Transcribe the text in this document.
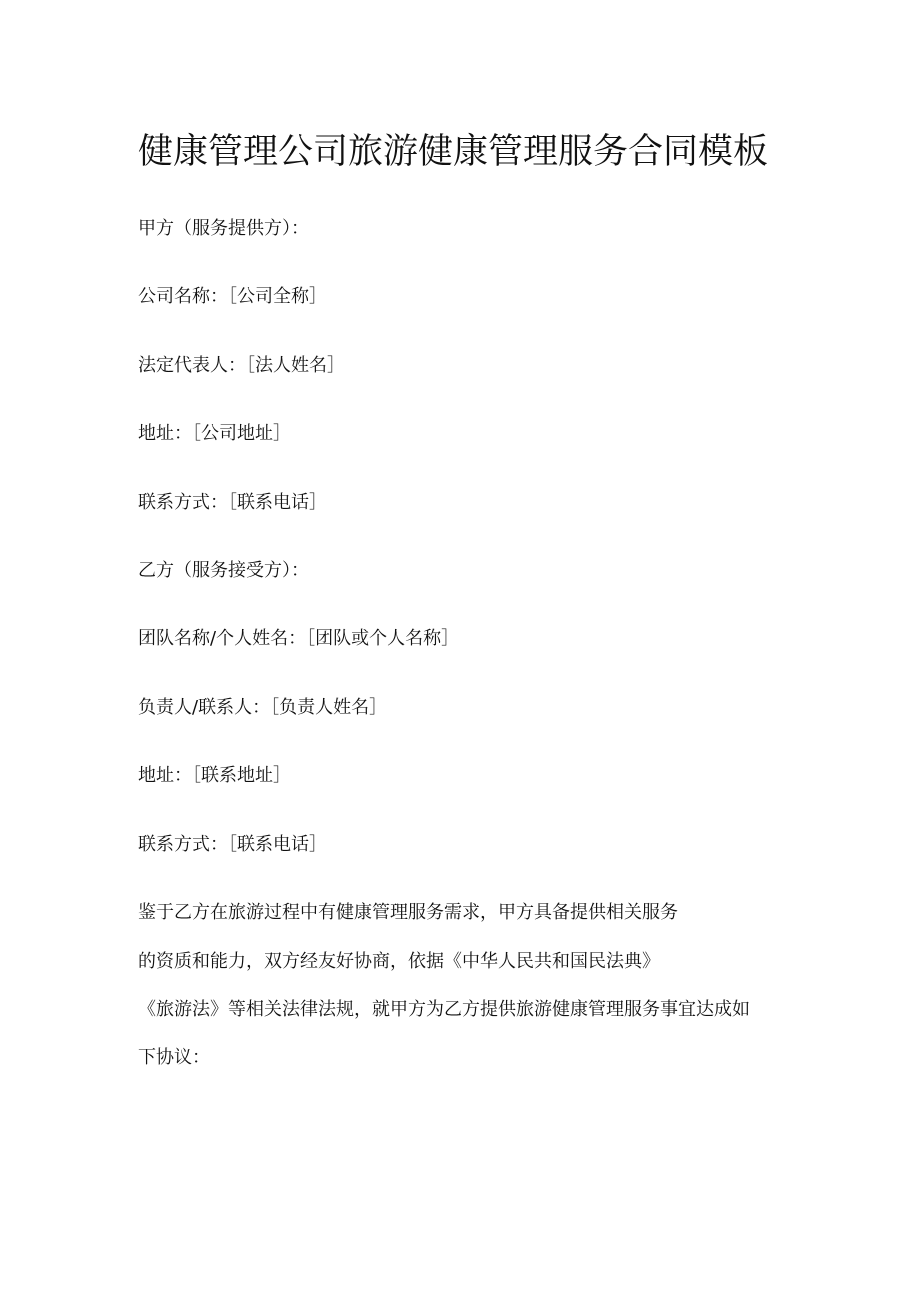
健康管理公司旅游健康管理服务合同模板

甲方（服务提供方）：

公司名称：［公司全称］

法定代表人：［法人姓名］

地址：［公司地址］

联系方式：［联系电话］

乙方（服务接受方）：

团队名称/个人姓名：［团队或个人名称］

负责人/联系人：［负责人姓名］

地址：［联系地址］

联系方式：［联系电话］

鉴于乙方在旅游过程中有健康管理服务需求，甲方具备提供相关服务

的资质和能力，双方经友好协商，依据《中华人民共和国民法典》

《旅游法》等相关法律法规，就甲方为乙方提供旅游健康管理服务事宜达成如

下协议：
